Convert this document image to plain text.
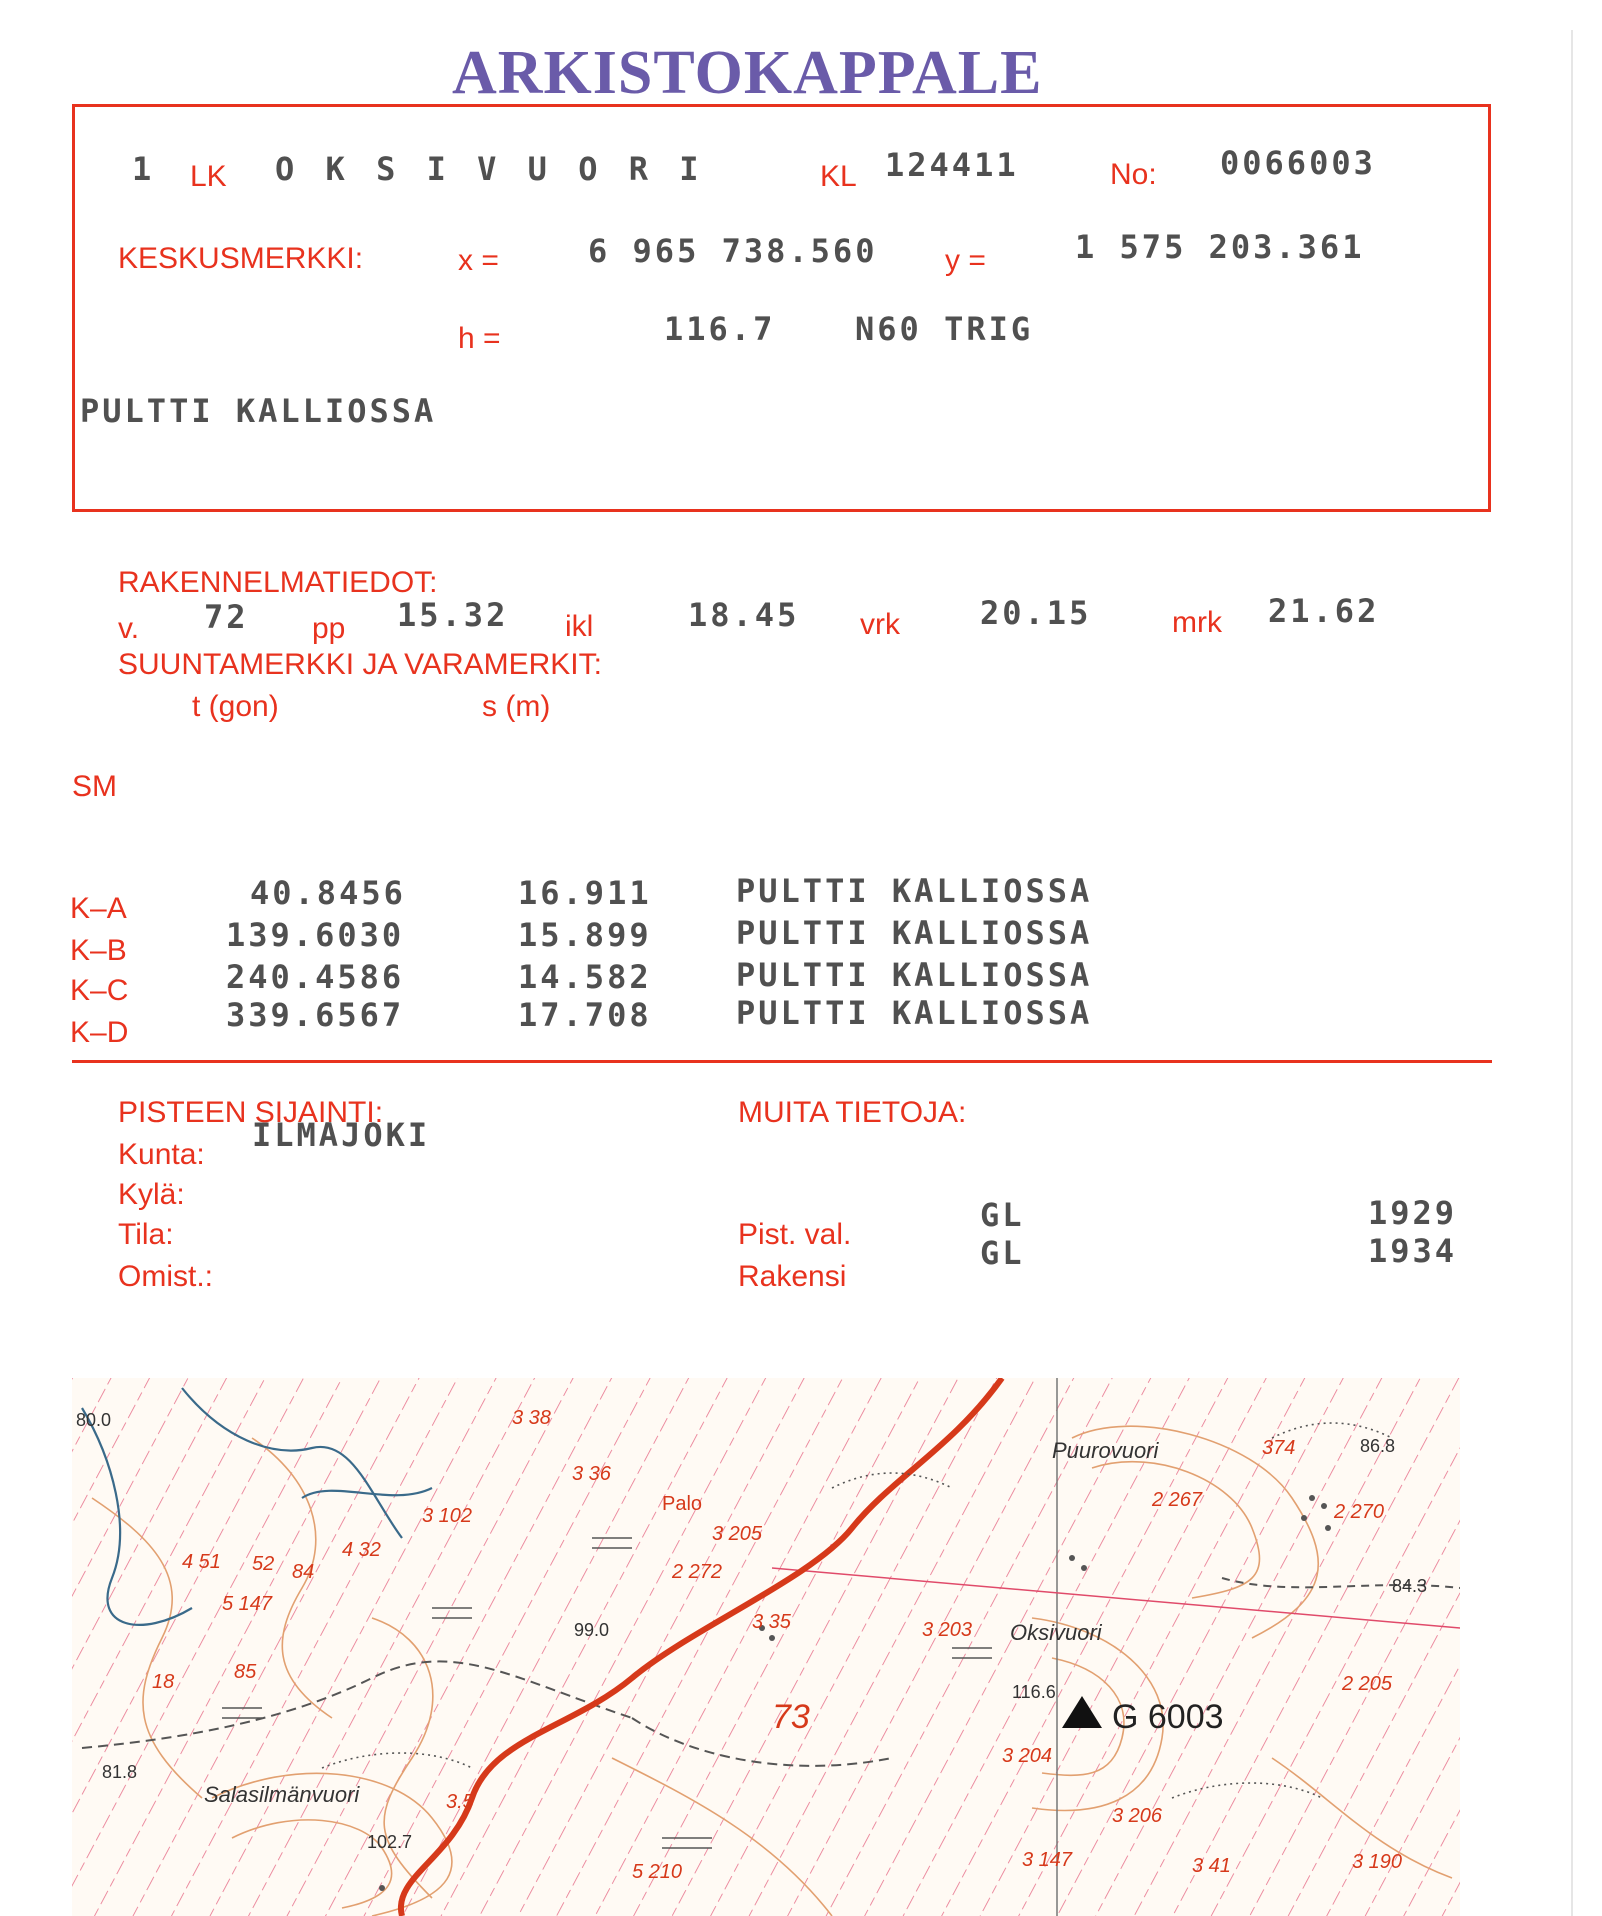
ARKISTOKAPPALE
1 LK O K S I V U O R I	KL 124411	No: 0066003
KESKUSMERKKI:	x =	6 965 738.560 y =	1 575 203.361
h =	116.7 N60 TRIG
PULTTI KALLIOSSA
RAKENNELMATIEDOT:
v. 72 pp 15.32 ikl	18.45 vrk	20.15	mrk 21.62
SUUNTAMERKKI JA VARAMERKIT:
t (gon)	s (m)
SM
K–A	40.8456	16.911	PULTTI KALLIOSSA
K–B	139.6030	15.899	PULTTI KALLIOSSA
K–C	240.4586	14.582	PULTTI KALLIOSSA
K–D	339.6567	17.708	PULTTI KALLIOSSA
PISTEEN SIJAINTI:
Kunta:
ILMAJOKI
Kylä:
Tila:
Omist.:
MUITA TIETOJA:
Pist. val.
GL	1929
Rakensi
GL	1934
G 6003
Puurovuori
Oksivuori
Salasilmänvuori
Palo
73
116.6
86.8
84.3
99.0
81.8
102.7
80.0	3 38
3 36
3 205
2 272
3 35	3 203
3 204
2 205
3 147
5 210
3 206
3 41
2 270
2 267
5 147
4 32
3 102
4 51 52 84
18	85
3.5
374
3 190
